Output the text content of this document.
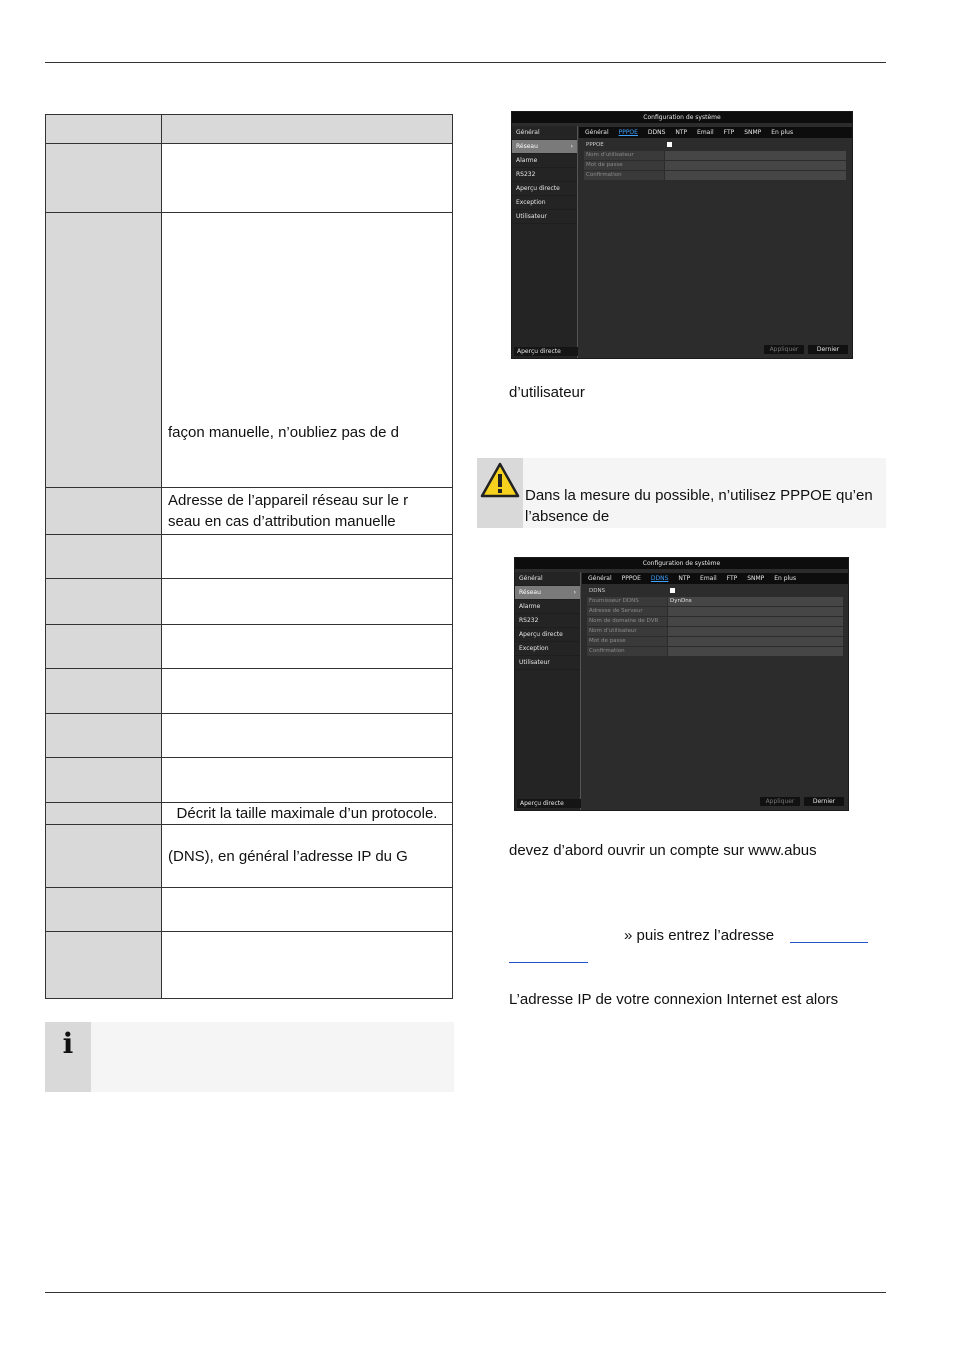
	façon manuelle, n’oubliez pas de d

	Adresse de l’appareil réseau sur le r
seau en cas d’attribution manuelle

	Décrit la taille maximale d’un protocole.
	(DNS), en général l’adresse IP du G

i
Configuration de système
Général
Réseau ›
Alarme
RS232
Aperçu directe
Exception
Utilisateur
Aperçu directe
Général PPPOE DDNS NTP Email FTP SNMP En plus
PPPOE
Nom d’utilisateur
Mot de passe
Confirmation
Appliquer	Dernier
d’utilisateur
Dans la mesure du possible, n’utilisez PPPOE qu’en l’absence de
Configuration de système
Général
Réseau ›
Alarme
RS232
Aperçu directe
Exception
Utilisateur
Aperçu directe
Général PPPOE DDNS NTP Email FTP SNMP En plus
DDNS
Fournisseur DDNS	DynDns
Adresse de Serveur
Nom de domaine de DVR
Nom d’utilisateur
Mot de passe
Confirmation
Appliquer	Dernier
devez d’abord ouvrir un compte sur www.abus
» puis entrez l’adresse
L’adresse IP de votre connexion Internet est alors
